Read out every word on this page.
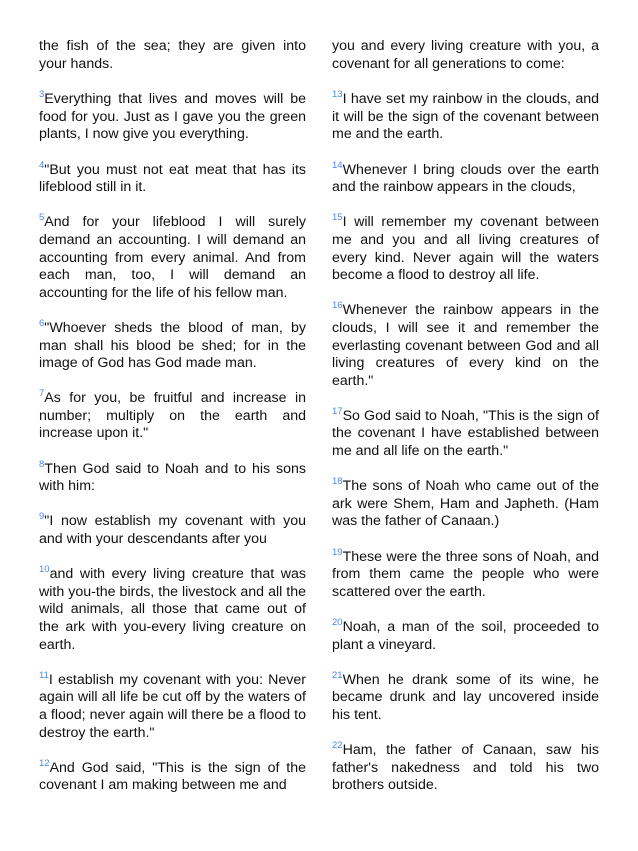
the fish of the sea; they are given into your hands.

$^3$Everything that lives and moves will be food for you. Just as I gave you the green plants, I now give you everything.

$^4$"But you must not eat meat that has its lifeblood still in it.

$^5$And for your lifeblood I will surely demand an accounting. I will demand an accounting from every animal. And from each man, too, I will demand an accounting for the life of his fellow man.

$^6$"Whoever sheds the blood of man, by man shall his blood be shed; for in the image of God has God made man.

$^7$As for you, be fruitful and increase in number; multiply on the earth and increase upon it."

$^8$Then God said to Noah and to his sons with him:

$^9$"I now establish my covenant with you and with your descendants after you

$^{10}$and with every living creature that was with you-the birds, the livestock and all the wild animals, all those that came out of the ark with you-every living creature on earth.

$^{11}$I establish my covenant with you: Never again will all life be cut off by the waters of a flood; never again will there be a flood to destroy the earth."

$^{12}$And God said, "This is the sign of the covenant I am making between me and

you and every living creature with you, a covenant for all generations to come:

$^{13}$I have set my rainbow in the clouds, and it will be the sign of the covenant between me and the earth.

$^{14}$Whenever I bring clouds over the earth and the rainbow appears in the clouds,

$^{15}$I will remember my covenant between me and you and all living creatures of every kind. Never again will the waters become a flood to destroy all life.

$^{16}$Whenever the rainbow appears in the clouds, I will see it and remember the everlasting covenant between God and all living creatures of every kind on the earth."

$^{17}$So God said to Noah, "This is the sign of the covenant I have established between me and all life on the earth."

$^{18}$The sons of Noah who came out of the ark were Shem, Ham and Japheth. (Ham was the father of Canaan.)

$^{19}$These were the three sons of Noah, and from them came the people who were scattered over the earth.

$^{20}$Noah, a man of the soil, proceeded to plant a vineyard.

$^{21}$When he drank some of its wine, he became drunk and lay uncovered inside his tent.

$^{22}$Ham, the father of Canaan, saw his father's nakedness and told his two brothers outside.
